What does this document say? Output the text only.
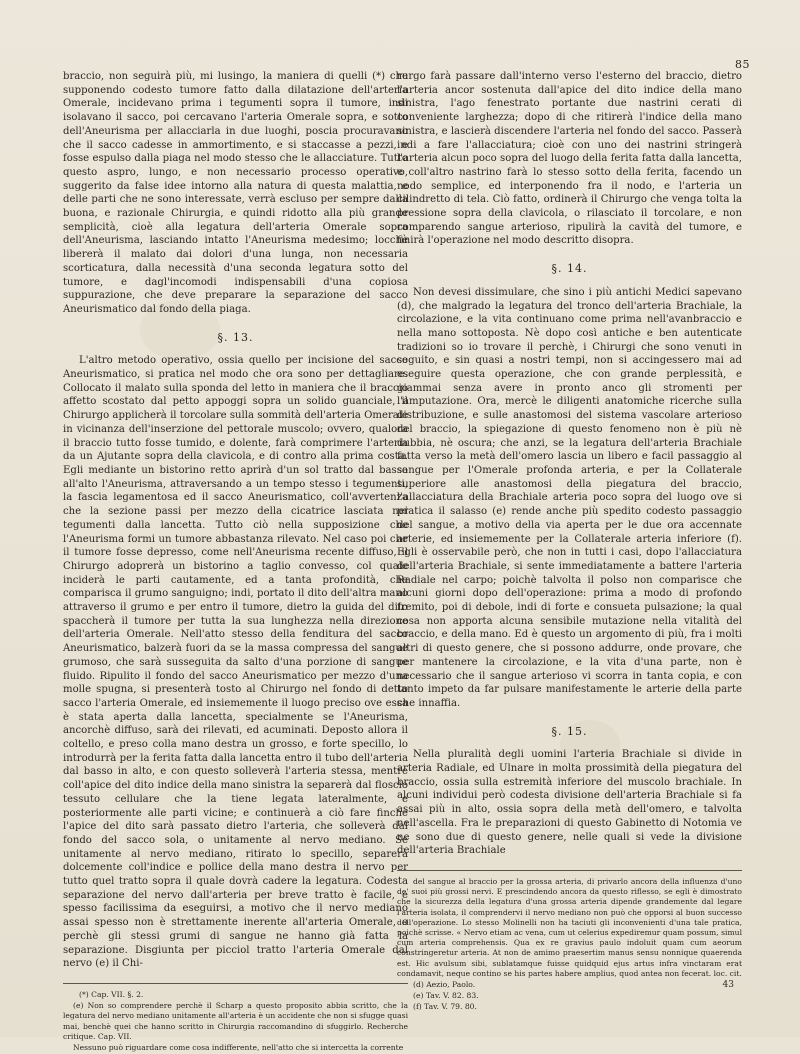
85

braccio, non seguirà più, mi lusingo, la maniera di quelli (*) che supponendo codesto tumore fatto dalla dilatazione dell'arteria Omerale, incidevano prima i tegumenti sopra il tumore, indi isolavano il sacco, poi cercavano l'arteria Omerale sopra, e sotto dell'Aneurisma per allacciarla in due luoghi, poscia procuravano che il sacco cadesse in ammortimento, e si staccasse a pezzi, e fosse espulso dalla piaga nel modo stesso che le allacciature. Tutto questo aspro, lungo, e non necessario processo operativo, suggerito da false idee intorno alla natura di questa malattia, e delle parti che ne sono interessate, verrà escluso per sempre dalla buona, e razionale Chirurgia, e quindi ridotto alla più grande semplicità, cioè alla legatura dell'arteria Omerale sopra dell'Aneurisma, lasciando intatto l'Aneurisma medesimo; locchè libererà il malato dai dolori d'una lunga, non necessaria scorticatura, dalla necessità d'una seconda legatura sotto del tumore, e dagl'incomodi indispensabili d'una copiosa suppurazione, che deve preparare la separazione del sacco Aneurismatico dal fondo della piaga.

§. 13.

L'altro metodo operativo, ossia quello per incisione del sacco Aneurismatico, si pratica nel modo che ora sono per dettagliare. Collocato il malato sulla sponda del letto in maniera che il braccio affetto scostato dal petto appoggi sopra un solido guanciale, il Chirurgo applicherà il torcolare sulla sommità dell'arteria Omerale in vicinanza dell'inserzione del pettorale muscolo; ovvero, qualora il braccio tutto fosse tumido, e dolente, farà comprimere l'arteria da un Ajutante sopra della clavicola, e di contro alla prima costa. Egli mediante un bistorino retto aprirà d'un sol tratto dal basso all'alto l'Aneurisma, attraversando a un tempo stesso i tegumenti, la fascia legamentosa ed il sacco Aneurismatico, coll'avvertenza che la sezione passi per mezzo della cicatrice lasciata nei tegumenti dalla lancetta. Tutto ciò nella supposizione che l'Aneurisma formi un tumore abbastanza rilevato. Nel caso poi che il tumore fosse depresso, come nell'Aneurisma recente diffuso, il Chirurgo adoprerà un bistorino a taglio convesso, col quale inciderà le parti cautamente, ed a tanta profondità, che comparisca il grumo sanguigno; indi, portato il dito dell'altra mano attraverso il grumo e per entro il tumore, dietro la guida del dito spaccherà il tumore per tutta la sua lunghezza nella direzione dell'arteria Omerale. Nell'atto stesso della fenditura del sacco Aneurismatico, balzerà fuori da se la massa compressa del sangue grumoso, che sarà susseguita da salto d'una porzione di sangue fluido. Ripulito il fondo del sacco Aneurismatico per mezzo d'una molle spugna, si presenterà tosto al Chirurgo nel fondo di detto sacco l'arteria Omerale, ed insiememente il luogo preciso ove essa è stata aperta dalla lancetta, specialmente se l'Aneurisma, ancorchè diffuso, sarà dei rilevati, ed acuminati. Deposto allora il coltello, e preso colla mano destra un grosso, e forte specillo, lo introdurrà per la ferita fatta dalla lancetta entro il tubo dell'arteria dal basso in alto, e con questo solleverà l'arteria stessa, mentre coll'apice del dito indice della mano sinistra la separerà dal floscio tessuto cellulare che la tiene legata lateralmente, e posteriormente alle parti vicine; e continuerà a ciò fare finchè l'apice del dito sarà passato dietro l'arteria, che solleverà dal fondo del sacco sola, o unitamente al nervo mediano. Se unitamente al nervo mediano, ritirato lo specillo, separerà dolcemente coll'indice e pollice della mano destra il nervo per tutto quel tratto sopra il quale dovrà cadere la legatura. Codesta separazione del nervo dall'arteria per breve tratto è facile, e spesso facilissima da eseguirsi, a motivo che il nervo mediano assai spesso non è strettamente inerente all'arteria Omerale, o perchè gli stessi grumi di sangue ne hanno già fatta la separazione. Disgiunta per picciol tratto l'arteria Omerale dal nervo (e) il Chi-

(*) Cap. VII. §. 2.

(e) Non so comprendere perchè il Scharp a questo proposito abbia scritto, che la legatura del nervo mediano unitamente all'arteria è un accidente che non si sfugge quasi mai, benchè quei che hanno scritto in Chirurgia raccomandino di sfuggirlo. Recherche critique. Cap. VII.

Nessuno può riguardare come cosa indifferente, nell'atto che si intercetta la corrente

rurgo farà passare dall'interno verso l'esterno del braccio, dietro l'arteria ancor sostenuta dall'apice del dito indice della mano sinistra, l'ago fenestrato portante due nastrini cerati di conveniente larghezza; dopo di che ritirerà l'indice della mano sinistra, e lascierà discendere l'arteria nel fondo del sacco. Passerà indi a fare l'allacciatura; cioè con uno dei nastrini stringerà l'arteria alcun poco sopra del luogo della ferita fatta dalla lancetta, e coll'altro nastrino farà lo stesso sotto della ferita, facendo un nodo semplice, ed interponendo fra il nodo, e l'arteria un cilindretto di tela. Ciò fatto, ordinerà il Chirurgo che venga tolta la pressione sopra della clavicola, o rilasciato il torcolare, e non comparendo sangue arterioso, ripulirà la cavità del tumore, e finirà l'operazione nel modo descritto disopra.

§. 14.

Non devesi dissimulare, che sino i più antichi Medici sapevano (d), che malgrado la legatura del tronco dell'arteria Brachiale, la circolazione, e la vita continuano come prima nell'avanbraccio e nella mano sottoposta. Nè dopo così antiche e ben autenticate tradizioni so io trovare il perchè, i Chirurgi che sono venuti in seguito, e sin quasi a nostri tempi, non si accingessero mai ad eseguire questa operazione, che con grande perplessità, e giammai senza avere in pronto anco gli stromenti per l'amputazione. Ora, mercè le diligenti anatomiche ricerche sulla distribuzione, e sulle anastomosi del sistema vascolare arterioso del braccio, la spiegazione di questo fenomeno non è più nè dubbia, nè oscura; che anzi, se la legatura dell'arteria Brachiale fatta verso la metà dell'omero lascia un libero e facil passaggio al sangue per l'Omerale profonda arteria, e per la Collaterale superiore alle anastomosi della piegatura del braccio, l'allacciatura della Brachiale arteria poco sopra del luogo ove si pratica il salasso (e) rende anche più spedito codesto passaggio del sangue, a motivo della via aperta per le due ora accennate arterie, ed insiememente per la Collaterale arteria inferiore (f). Egli è osservabile però, che non in tutti i casi, dopo l'allacciatura dell'arteria Brachiale, si sente immediatamente a battere l'arteria Radiale nel carpo; poichè talvolta il polso non comparisce che alcuni giorni dopo dell'operazione: prima a modo di profondo fremito, poi di debole, indi di forte e consueta pulsazione; la qual cosa non apporta alcuna sensibile mutazione nella vitalità del braccio, e della mano. Ed è questo un argomento di più, fra i molti altri di questo genere, che si possono addurre, onde provare, che per mantenere la circolazione, e la vita d'una parte, non è necessario che il sangue arterioso vi scorra in tanta copia, e con tanto impeto da far pulsare manifestamente le arterie della parte che innaffia.

§. 15.

Nella pluralità degli uomini l'arteria Brachiale si divide in arteria Radiale, ed Ulnare in molta prossimità della piegatura del braccio, ossia sulla estremità inferiore del muscolo brachiale. In alcuni individui però codesta divisione dell'arteria Brachiale si fa assai più in alto, ossia sopra della metà dell'omero, e talvolta nell'ascella. Fra le preparazioni di questo Gabinetto di Notomia ve ne sono due di questo genere, nelle quali si vede la divisione dell'arteria Brachiale

del sangue al braccio per la grossa arteria, di privarlo ancora della influenza d'uno de' suoi più grossi nervi. E prescindendo ancora da questo riflesso, se egli è dimostrato che la sicurezza della legatura d'una grossa arteria dipende grandemente dal legare l'arteria isolata, il comprendervi il nervo mediano non può che opporsi al buon successo dell'operazione. Lo stesso Molinelli non ha taciuti gli inconvenienti d'una tale pratica, poichè scrisse. « Nervo etiam ac vena, cum ut celerius expediremur quam possum, simul cum arteria comprehensis. Qua ex re gravius paulo indoluit quam cum aeorum constringeretur arteria. At non de amimo praesertim manus sensu nonnique quaerenda est. Hic avulsum sibi, sublatamque fuisse quidquid ejus artus infra vinctaram erat condamavit, neque contino se his partes habere amplius, quod antea non fecerat. loc. cit.

(d) Aezio, Paolo.

(e) Tav. V. 82. 83.

(f) Tav. V. 79. 80.

43
